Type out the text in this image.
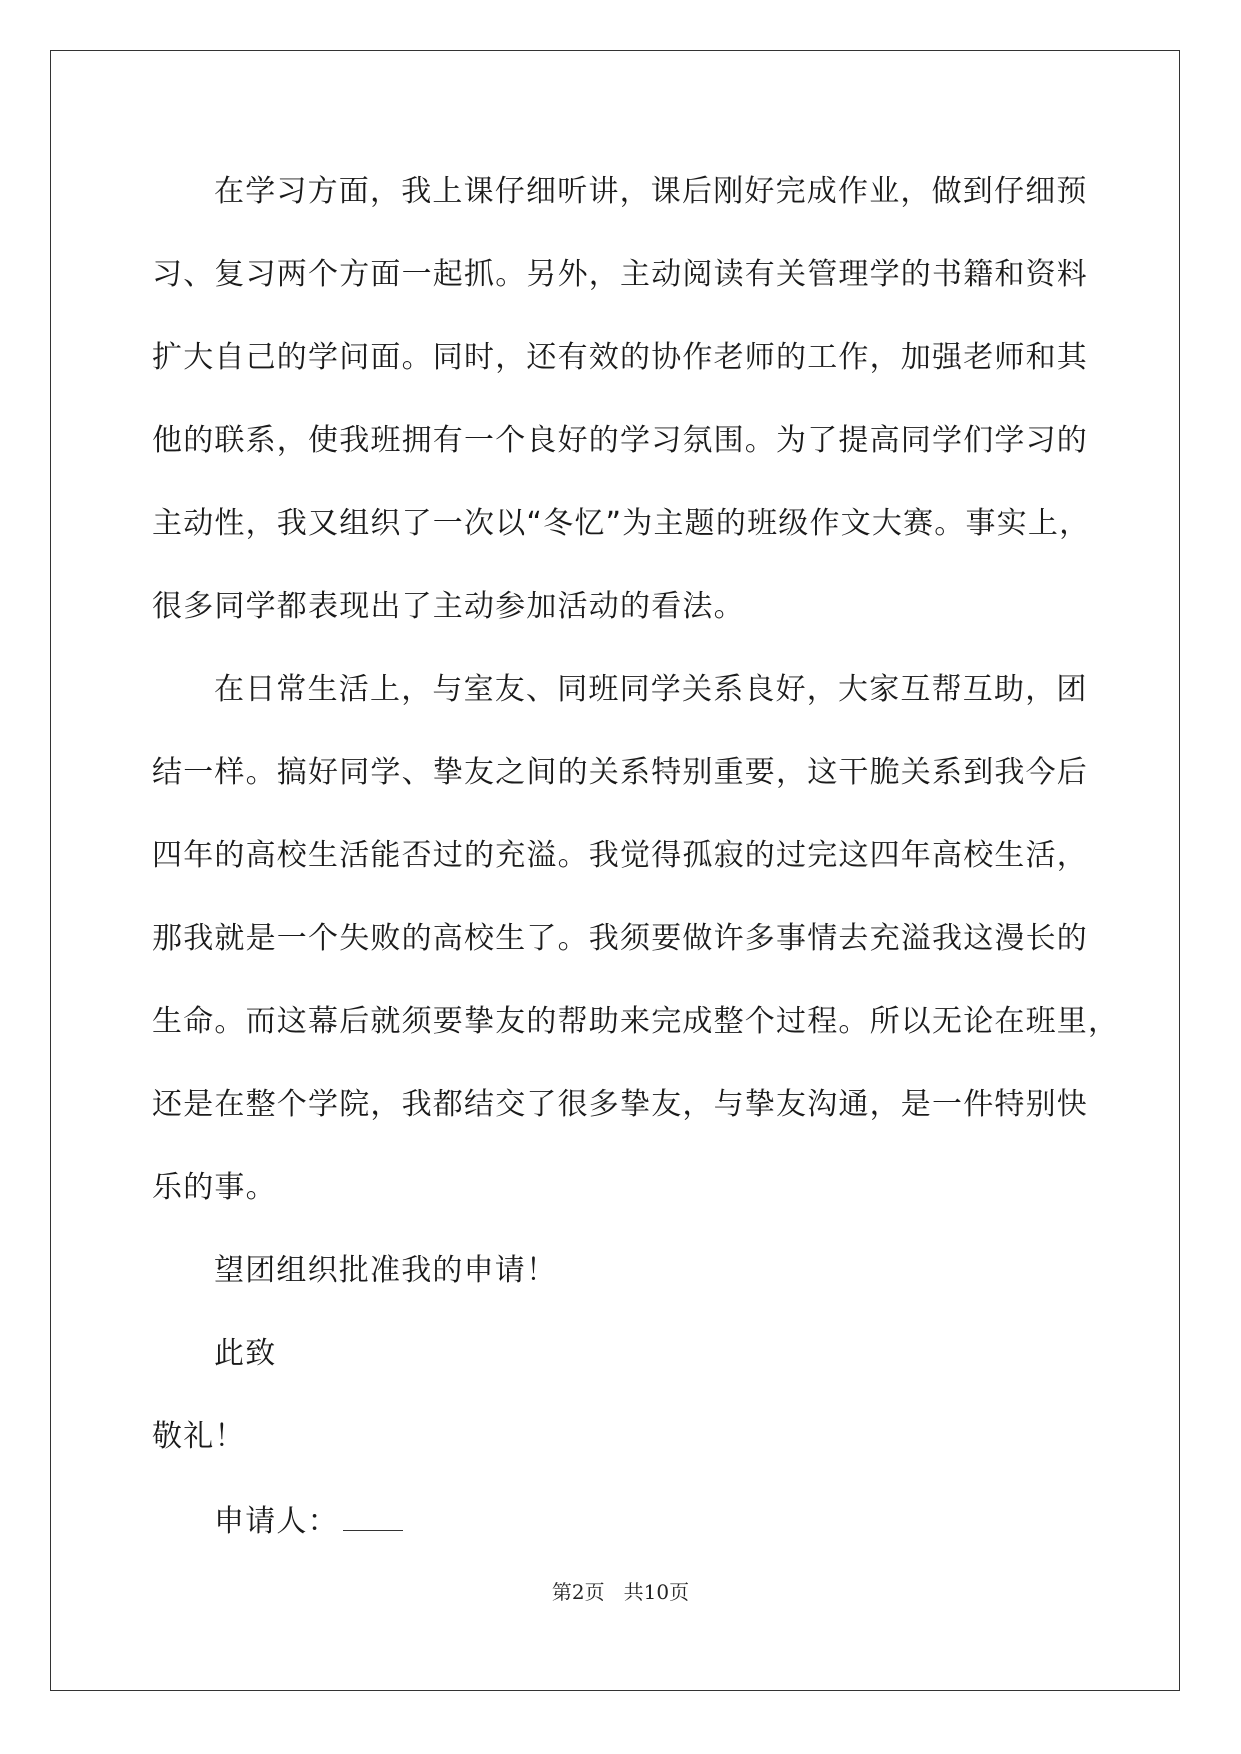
在学习方面，我上课仔细听讲，课后刚好完成作业，做到仔细预
习、复习两个方面一起抓。另外，主动阅读有关管理学的书籍和资料
扩大自己的学问面。同时，还有效的协作老师的工作，加强老师和其
他的联系，使我班拥有一个良好的学习氛围。为了提高同学们学习的
主动性，我又组织了一次以“冬忆”为主题的班级作文大赛。事实上，
很多同学都表现出了主动参加活动的看法。
在日常生活上，与室友、同班同学关系良好，大家互帮互助，团
结一样。搞好同学、挚友之间的关系特别重要，这干脆关系到我今后
四年的高校生活能否过的充溢。我觉得孤寂的过完这四年高校生活，
那我就是一个失败的高校生了。我须要做许多事情去充溢我这漫长的
生命。而这幕后就须要挚友的帮助来完成整个过程。所以无论在班里，
还是在整个学院，我都结交了很多挚友，与挚友沟通，是一件特别快
乐的事。
望团组织批准我的申请！
此致
敬礼！
申请人：
第2页   共10页
